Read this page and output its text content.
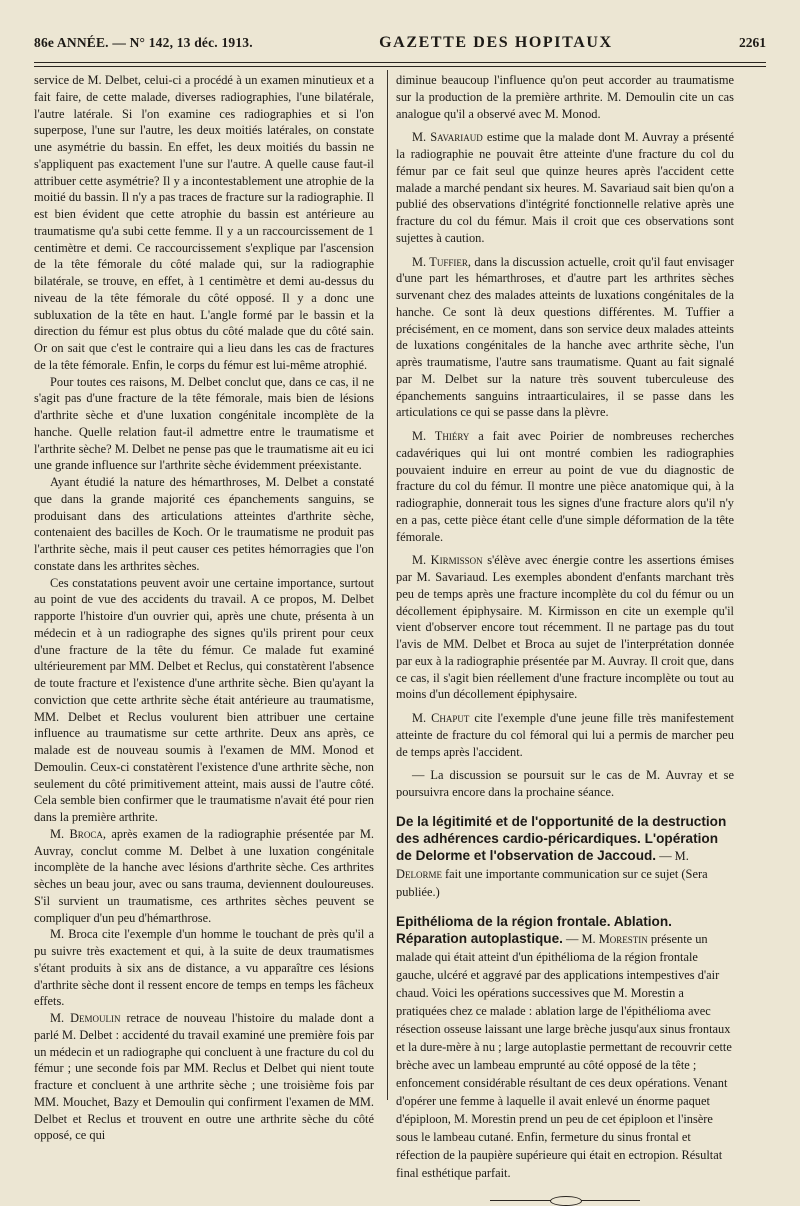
86e ANNÉE. — N° 142, 13 déc. 1913.	GAZETTE DES HOPITAUX	2261

service de M. Delbet, celui-ci a procédé à un examen minutieux et a fait faire, de cette malade, diverses radiographies, l'une bilatérale, l'autre latérale. Si l'on examine ces radiographies et si l'on superpose, l'une sur l'autre, les deux moitiés latérales, on constate une asymétrie du bassin. En effet, les deux moitiés du bassin ne s'appliquent pas exactement l'une sur l'autre. A quelle cause faut-il attribuer cette asymétrie? Il y a incontestablement une atrophie de la moitié du bassin. Il n'y a pas traces de fracture sur la radiographie. Il est bien évident que cette atrophie du bassin est antérieure au traumatisme qu'a subi cette femme. Il y a un raccourcissement de 1 centimètre et demi. Ce raccourcissement s'explique par l'ascension de la tête fémorale du côté malade qui, sur la radiographie bilatérale, se trouve, en effet, à 1 centimètre et demi au-dessus du niveau de la tête fémorale du côté opposé. Il y a donc une subluxation de la tête en haut. L'angle formé par le bassin et la direction du fémur est plus obtus du côté malade que du côté sain. Or on sait que c'est le contraire qui a lieu dans les cas de fractures de la tête fémorale. Enfin, le corps du fémur est lui-même atrophié.

Pour toutes ces raisons, M. Delbet conclut que, dans ce cas, il ne s'agit pas d'une fracture de la tête fémorale, mais bien de lésions d'arthrite sèche et d'une luxation congénitale incomplète de la hanche. Quelle relation faut-il admettre entre le traumatisme et l'arthrite sèche? M. Delbet ne pense pas que le traumatisme ait eu ici une grande influence sur l'arthrite sèche évidemment préexistante.

Ayant étudié la nature des hémarthroses, M. Delbet a constaté que dans la grande majorité ces épanchements sanguins, se produisant dans des articulations atteintes d'arthrite sèche, contenaient des bacilles de Koch. Or le traumatisme ne produit pas l'arthrite sèche, mais il peut causer ces petites hémorragies que l'on constate dans les arthrites sèches.

Ces constatations peuvent avoir une certaine importance, surtout au point de vue des accidents du travail. A ce propos, M. Delbet rapporte l'histoire d'un ouvrier qui, après une chute, présenta à un médecin et à un radiographe des signes qu'ils prirent pour ceux d'une fracture de la tête du fémur. Ce malade fut examiné ultérieurement par MM. Delbet et Reclus, qui constatèrent l'absence de toute fracture et l'existence d'une arthrite sèche. Bien qu'ayant la conviction que cette arthrite sèche était antérieure au traumatisme, MM. Delbet et Reclus voulurent bien attribuer une certaine influence au traumatisme sur cette arthrite. Deux ans après, ce malade est de nouveau soumis à l'examen de MM. Monod et Demoulin. Ceux-ci constatèrent l'existence d'une arthrite sèche, non seulement du côté primitivement atteint, mais aussi de l'autre côté. Cela semble bien confirmer que le traumatisme n'avait été pour rien dans la première arthrite.

M. Broca, après examen de la radiographie présentée par M. Auvray, conclut comme M. Delbet à une luxation congénitale incomplète de la hanche avec lésions d'arthrite sèche. Ces arthrites sèches un beau jour, avec ou sans trauma, deviennent douloureuses. S'il survient un traumatisme, ces arthrites sèches peuvent se compliquer d'un peu d'hémarthrose.

M. Broca cite l'exemple d'un homme le touchant de près qu'il a pu suivre très exactement et qui, à la suite de deux traumatismes s'étant produits à six ans de distance, a vu apparaître ces lésions d'arthrite sèche dont il ressent encore de temps en temps les fâcheux effets.

M. Demoulin retrace de nouveau l'histoire du malade dont a parlé M. Delbet : accidenté du travail examiné une première fois par un médecin et un radiographe qui concluent à une fracture du col du fémur ; une seconde fois par MM. Reclus et Delbet qui nient toute fracture et concluent à une arthrite sèche ; une troisième fois par MM. Mouchet, Bazy et Demoulin qui confirment l'examen de MM. Delbet et Reclus et trouvent en outre une arthrite sèche du côté opposé, ce qui

diminue beaucoup l'influence qu'on peut accorder au traumatisme sur la production de la première arthrite. M. Demoulin cite un cas analogue qu'il a observé avec M. Monod.

M. Savariaud estime que la malade dont M. Auvray a présenté la radiographie ne pouvait être atteinte d'une fracture du col du fémur par ce fait seul que quinze heures après l'accident cette malade a marché pendant six heures. M. Savariaud sait bien qu'on a publié des observations d'intégrité fonctionnelle relative après une fracture du col du fémur. Mais il croit que ces observations sont sujettes à caution.

M. Tuffier, dans la discussion actuelle, croit qu'il faut envisager d'une part les hémarthroses, et d'autre part les arthrites sèches survenant chez des malades atteints de luxations congénitales de la hanche. Ce sont là deux questions différentes. M. Tuffier a précisément, en ce moment, dans son service deux malades atteints de luxations congénitales de la hanche avec arthrite sèche, l'un après traumatisme, l'autre sans traumatisme. Quant au fait signalé par M. Delbet sur la nature très souvent tuberculeuse des épanchements sanguins intraarticulaires, il se passe dans les articulations ce qui se passe dans la plèvre.

M. Thiéry a fait avec Poirier de nombreuses recherches cadavériques qui lui ont montré combien les radiographies pouvaient induire en erreur au point de vue du diagnostic de fracture du col du fémur. Il montre une pièce anatomique qui, à la radiographie, donnerait tous les signes d'une fracture alors qu'il n'y en a pas, cette pièce étant celle d'une simple déformation de la tête fémorale.

M. Kirmisson s'élève avec énergie contre les assertions émises par M. Savariaud. Les exemples abondent d'enfants marchant très peu de temps après une fracture incomplète du col du fémur ou un décollement épiphysaire. M. Kirmisson en cite un exemple qu'il vient d'observer encore tout récemment. Il ne partage pas du tout l'avis de MM. Delbet et Broca au sujet de l'interprétation donnée par eux à la radiographie présentée par M. Auvray. Il croit que, dans ce cas, il s'agit bien réellement d'une fracture incomplète ou tout au moins d'un décollement épiphysaire.

M. Chaput cite l'exemple d'une jeune fille très manifestement atteinte de fracture du col fémoral qui lui a permis de marcher peu de temps après l'accident.

— La discussion se poursuit sur le cas de M. Auvray et se poursuivra encore dans la prochaine séance.

De la légitimité et de l'opportunité de la destruction des adhérences cardio-péricardiques. L'opération de Delorme et l'observation de Jaccoud. — M. Delorme fait une importante communication sur ce sujet (Sera publiée.)
Epithélioma de la région frontale. Ablation. Réparation autoplastique. — M. Morestin présente un malade qui était atteint d'un épithélioma de la région frontale gauche, ulcéré et aggravé par des applications intempestives d'air chaud. Voici les opérations successives que M. Morestin a pratiquées chez ce malade : ablation large de l'épithélioma avec résection osseuse laissant une large brèche jusqu'aux sinus frontaux et la dure-mère à nu ; large autoplastie permettant de recouvrir cette brèche avec un lambeau emprunté au côté opposé de la tête ; enfoncement considérable résultant de ces deux opérations. Venant d'opérer une femme à laquelle il avait enlevé un énorme paquet d'épiploon, M. Morestin prend un peu de cet épiploon et l'insère sous le lambeau cutané. Enfin, fermeture du sinus frontal et réfection de la paupière supérieure qui était en ectropion. Résultat final esthétique parfait.
